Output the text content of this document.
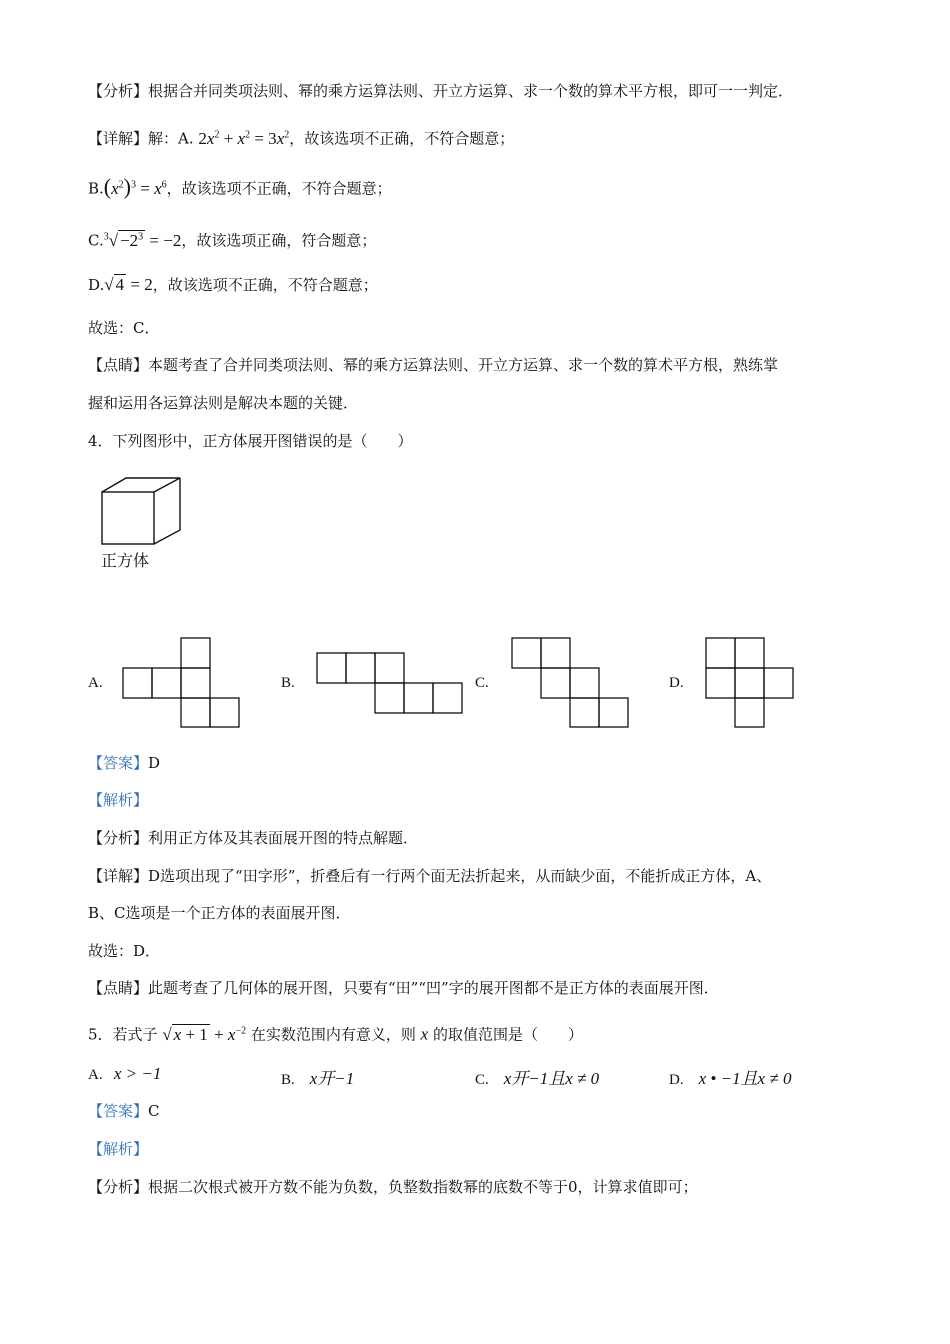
【分析】根据合并同类项法则、幂的乘方运算法则、开立方运算、求一个数的算术平方根，即可一一判定．
【详解】解：A. $2x^2 + x^2 = 3x^2$，故该选项不正确，不符合题意；
$B.(x^2)^3 = x^6$，故该选项不正确，不符合题意；
$C.^3√ -2^3 = -2$，故该选项正确，符合题意；
D.√ 4 = 2，故该选项不正确，不符合题意；
故选：C．
【点睛】本题考查了合并同类项法则、幂的乘方运算法则、开立方运算、求一个数的算术平方根，熟练掌
握和运用各运算法则是解决本题的关键．
4．下列图形中，正方体展开图错误的是（　　）
正方体
A.	B.	C.	D.
【答案】D
【解析】
【分析】利用正方体及其表面展开图的特点解题．
【详解】D选项出现了“田字形”，折叠后有一行两个面无法折起来，从而缺少面，不能折成正方体，A、
B、C选项是一个正方体的表面展开图．
故选：D．
【点睛】此题考查了几何体的展开图，只要有“田”“凹”字的展开图都不是正方体的表面展开图．
5．若式子 √ $x + 1 + x^{-2}$ 在实数范围内有意义，则 x 的取值范围是（　　）
A. x > −1	B. x开−1	C. x开−1且x ≠ 0	D. x • −1且x ≠ 0
【答案】C
【解析】
【分析】根据二次根式被开方数不能为负数，负整数指数幂的底数不等于0，计算求值即可；
